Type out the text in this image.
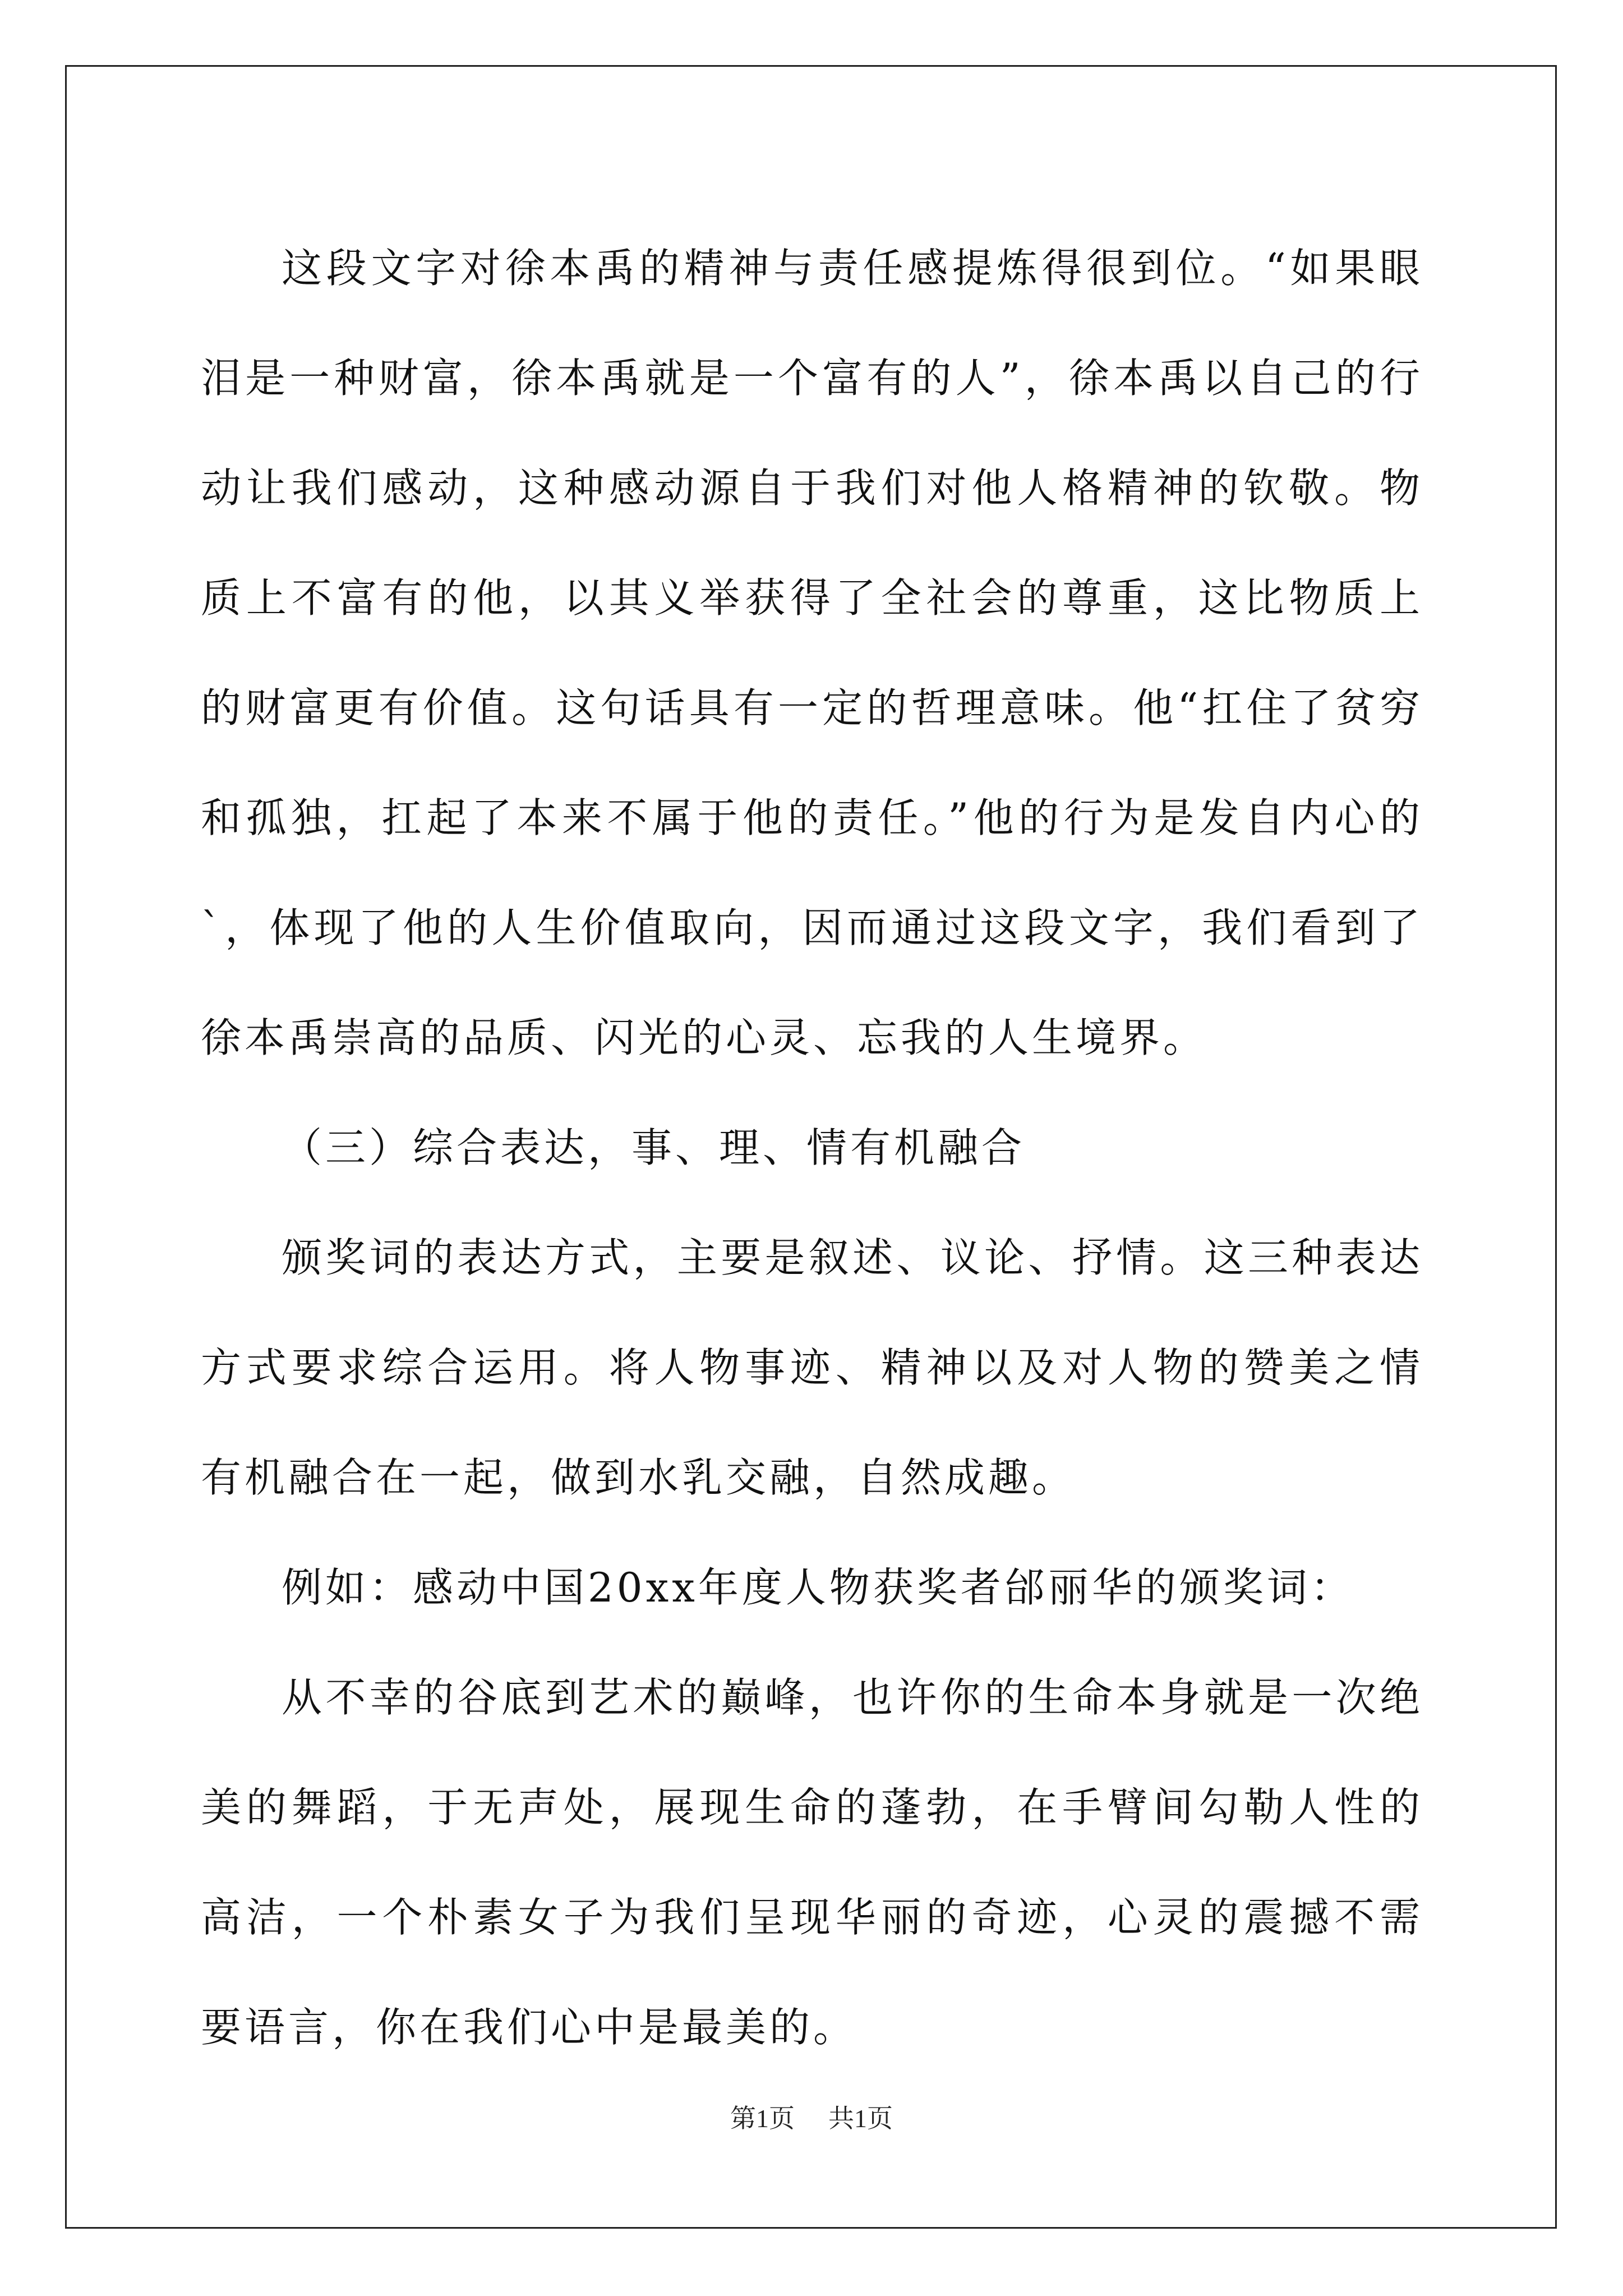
这段文字对徐本禹的精神与责任感提炼得很到位。“如果眼泪是一种财富，徐本禹就是一个富有的人”，徐本禹以自己的行动让我们感动，这种感动源自于我们对他人格精神的钦敬。物质上不富有的他，以其义举获得了全社会的尊重，这比物质上的财富更有价值。这句话具有一定的哲理意味。他“扛住了贫穷和孤独，扛起了本来不属于他的责任。”他的行为是发自内心的`，体现了他的人生价值取向，因而通过这段文字，我们看到了徐本禹崇高的品质、闪光的心灵、忘我的人生境界。

（三）综合表达，事、理、情有机融合

颁奖词的表达方式，主要是叙述、议论、抒情。这三种表达方式要求综合运用。将人物事迹、精神以及对人物的赞美之情有机融合在一起，做到水乳交融，自然成趣。

例如：感动中国20xx年度人物获奖者邰丽华的颁奖词：

从不幸的谷底到艺术的巅峰，也许你的生命本身就是一次绝美的舞蹈，于无声处，展现生命的蓬勃，在手臂间勾勒人性的高洁，一个朴素女子为我们呈现华丽的奇迹，心灵的震撼不需要语言，你在我们心中是最美的。

第1页 共1页
